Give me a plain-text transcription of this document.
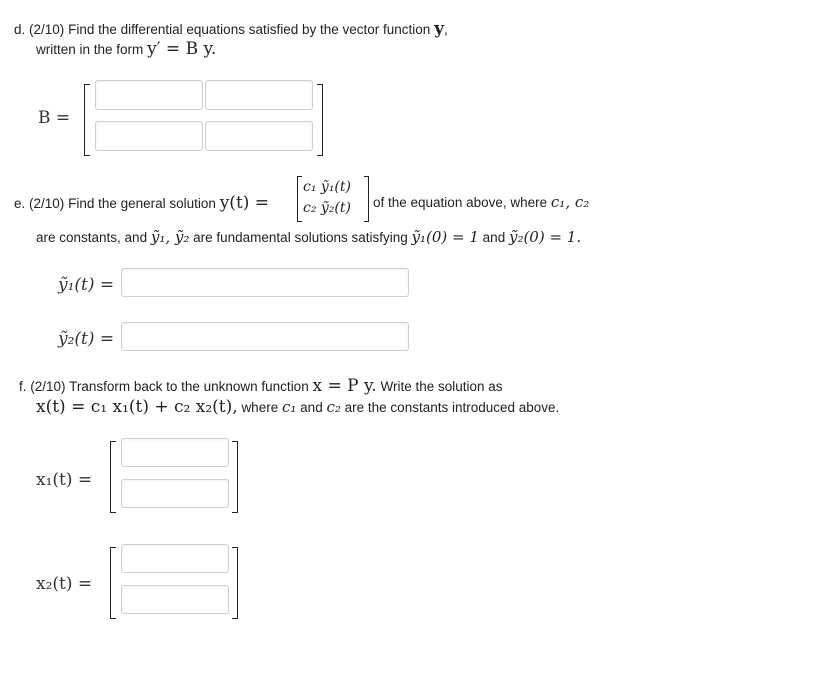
d. (2/10) Find the differential equations satisfied by the vector function y,
written in the form y′ = B y.
B =
e. (2/10) Find the general solution y(t) =
c₁ ỹ₁(t)
c₂ ỹ₂(t) of the equation above, where c₁, c₂
are constants, and ỹ₁, ỹ₂ are fundamental solutions satisfying ỹ₁(0) = 1 and ỹ₂(0) = 1.
ỹ₁(t) =
ỹ₂(t) =
f. (2/10) Transform back to the unknown function x = P y. Write the solution as
x(t) = c₁ x₁(t) + c₂ x₂(t), where c₁ and c₂ are the constants introduced above.
x₁(t) =
x₂(t) =
